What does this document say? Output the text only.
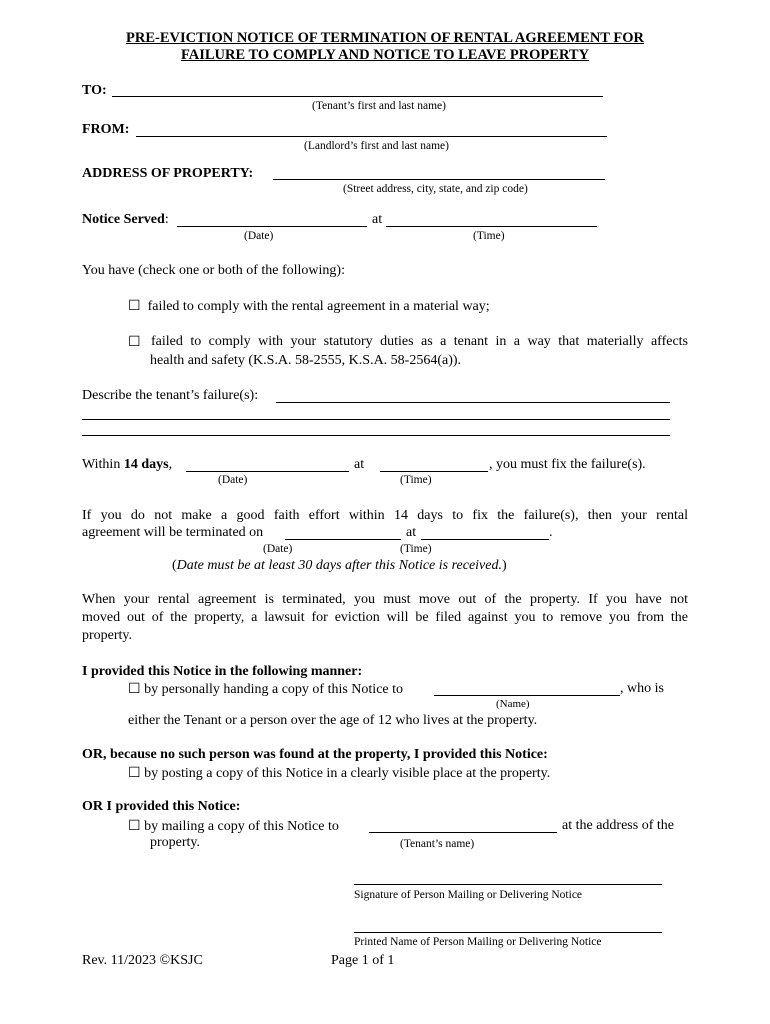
PRE-EVICTION NOTICE OF TERMINATION OF RENTAL AGREEMENT FOR
FAILURE TO COMPLY AND NOTICE TO LEAVE PROPERTY
TO:
(Tenant’s first and last name)
FROM:
(Landlord’s first and last name)
ADDRESS OF PROPERTY:
(Street address, city, state, and zip code)
Notice Served:	at
(Date)	(Time)
You have (check one or both of the following):
☐ failed to comply with the rental agreement in a material way;
☐ failed to comply with your statutory duties as a tenant in a way that materially affects
health and safety (K.S.A. 58-2555, K.S.A. 58-2564(a)).
Describe the tenant’s failure(s):
Within 14 days,	at	, you must fix the failure(s).
(Date)	(Time)
If you do not make a good faith effort within 14 days to fix the failure(s), then your rental
agreement will be terminated on	at	.
(Date)	(Time)
(Date must be at least 30 days after this Notice is received.)
When your rental agreement is terminated, you must move out of the property. If you have not
moved out of the property, a lawsuit for eviction will be filed against you to remove you from the
property.
I provided this Notice in the following manner:
☐ by personally handing a copy of this Notice to	, who is
(Name)
either the Tenant or a person over the age of 12 who lives at the property.
OR, because no such person was found at the property, I provided this Notice:
☐ by posting a copy of this Notice in a clearly visible place at the property.
OR I provided this Notice:
☐ by mailing a copy of this Notice to	at the address of the
property.	(Tenant’s name)
Signature of Person Mailing or Delivering Notice
Printed Name of Person Mailing or Delivering Notice
Rev. 11/2023 ©KSJC	Page 1 of 1
